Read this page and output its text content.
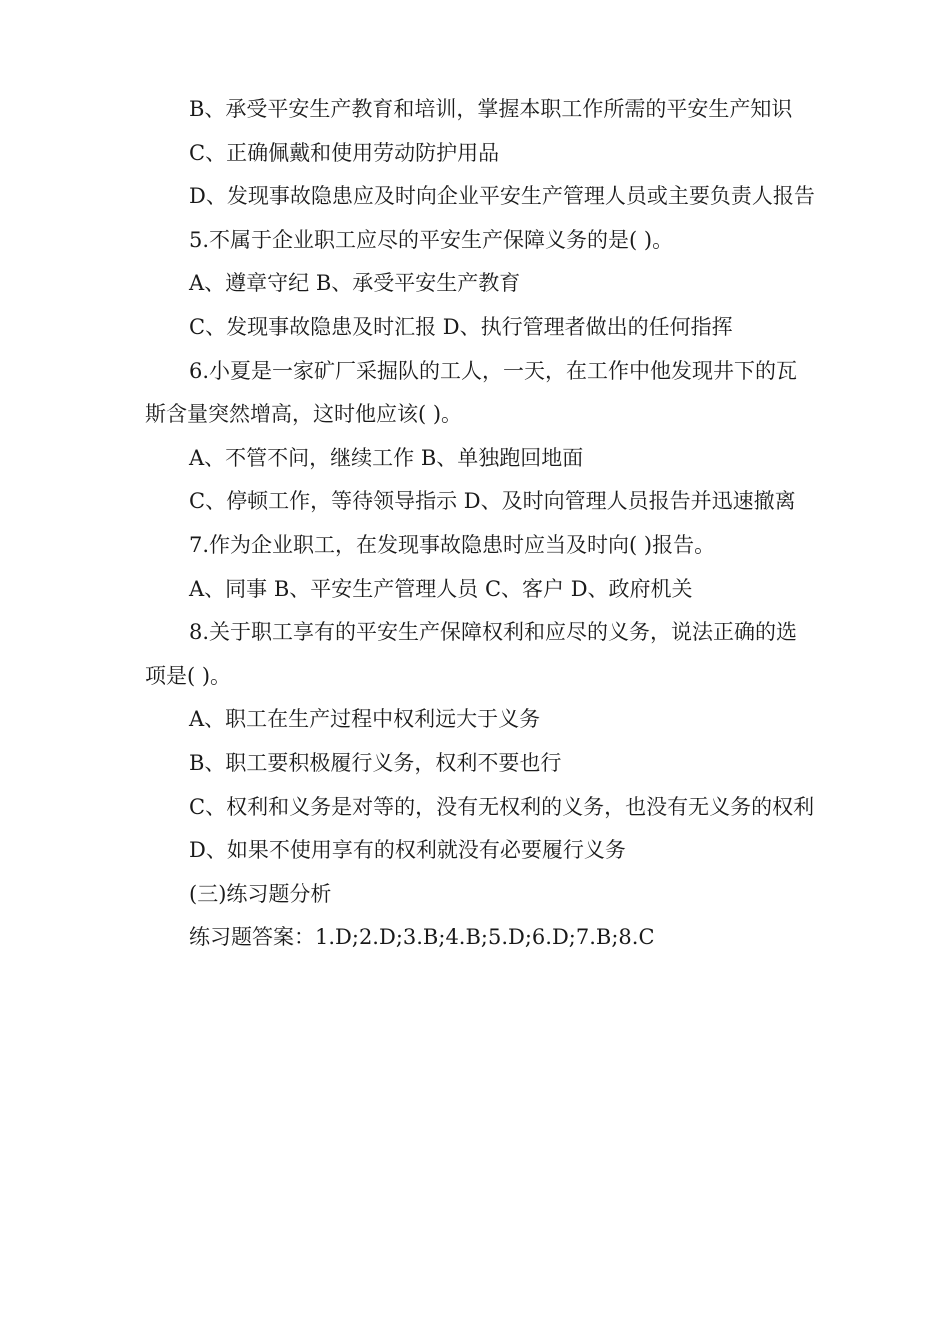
B、承受平安生产教育和培训，掌握本职工作所需的平安生产知识

C、正确佩戴和使用劳动防护用品

D、发现事故隐患应及时向企业平安生产管理人员或主要负责人报告

5.不属于企业职工应尽的平安生产保障义务的是( )。

A、遵章守纪 B、承受平安生产教育

C、发现事故隐患及时汇报 D、执行管理者做出的任何指挥

6.小夏是一家矿厂采掘队的工人，一天，在工作中他发现井下的瓦斯含量突然增高，这时他应该( )。

A、不管不问，继续工作 B、单独跑回地面

C、停顿工作，等待领导指示 D、及时向管理人员报告并迅速撤离

7.作为企业职工，在发现事故隐患时应当及时向( )报告。

A、同事 B、平安生产管理人员 C、客户 D、政府机关

8.关于职工享有的平安生产保障权利和应尽的义务，说法正确的选项是( )。

A、职工在生产过程中权利远大于义务

B、职工要积极履行义务，权利不要也行

C、权利和义务是对等的，没有无权利的义务，也没有无义务的权利

D、如果不使用享有的权利就没有必要履行义务

(三)练习题分析

练习题答案：1.D;2.D;3.B;4.B;5.D;6.D;7.B;8.C
